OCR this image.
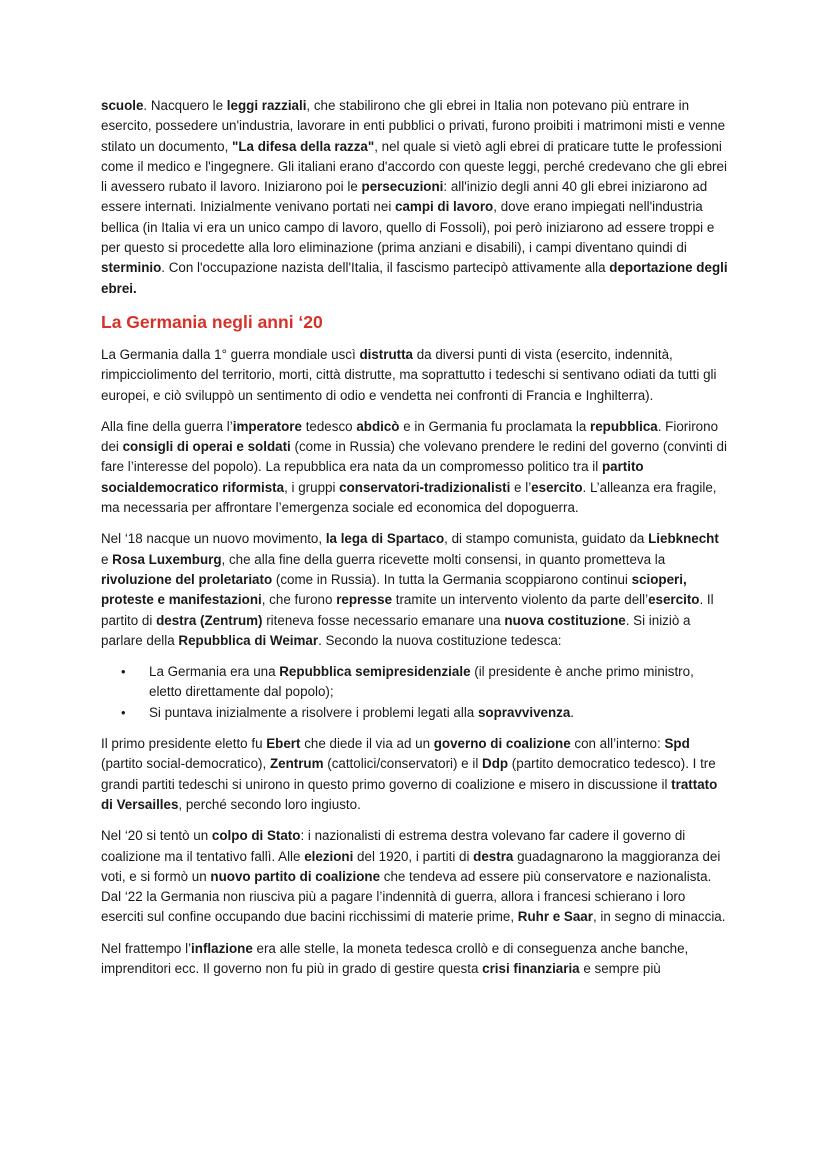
scuole. Nacquero le leggi razziali, che stabilirono che gli ebrei in Italia non potevano più entrare in esercito, possedere un'industria, lavorare in enti pubblici o privati, furono proibiti i matrimoni misti e venne stilato un documento, "La difesa della razza", nel quale si vietò agli ebrei di praticare tutte le professioni come il medico e l'ingegnere. Gli italiani erano d'accordo con queste leggi, perché credevano che gli ebrei li avessero rubato il lavoro. Iniziarono poi le persecuzioni: all'inizio degli anni 40 gli ebrei iniziarono ad essere internati. Inizialmente venivano portati nei campi di lavoro, dove erano impiegati nell'industria bellica (in Italia vi era un unico campo di lavoro, quello di Fossoli), poi però iniziarono ad essere troppi e per questo si procedette alla loro eliminazione (prima anziani e disabili), i campi diventano quindi di sterminio. Con l'occupazione nazista dell'Italia, il fascismo partecipò attivamente alla deportazione degli ebrei.

La Germania negli anni ‘20

La Germania dalla 1° guerra mondiale uscì distrutta da diversi punti di vista (esercito, indennità, rimpicciolimento del territorio, morti, città distrutte, ma soprattutto i tedeschi si sentivano odiati da tutti gli europei, e ciò sviluppò un sentimento di odio e vendetta nei confronti di Francia e Inghilterra).

Alla fine della guerra l’imperatore tedesco abdicò e in Germania fu proclamata la repubblica. Fiorirono dei consigli di operai e soldati (come in Russia) che volevano prendere le redini del governo (convinti di fare l’interesse del popolo). La repubblica era nata da un compromesso politico tra il partito socialdemocratico riformista, i gruppi conservatori-tradizionalisti e l’esercito. L’alleanza era fragile, ma necessaria per affrontare l’emergenza sociale ed economica del dopoguerra.

Nel ‘18 nacque un nuovo movimento, la lega di Spartaco, di stampo comunista, guidato da Liebknecht e Rosa Luxemburg, che alla fine della guerra ricevette molti consensi, in quanto prometteva la rivoluzione del proletariato (come in Russia). In tutta la Germania scoppiarono continui scioperi, proteste e manifestazioni, che furono represse tramite un intervento violento da parte dell’esercito. Il partito di destra (Zentrum) riteneva fosse necessario emanare una nuova costituzione. Si iniziò a parlare della Repubblica di Weimar. Secondo la nuova costituzione tedesca:

• La Germania era una Repubblica semipresidenziale (il presidente è anche primo ministro, eletto direttamente dal popolo);
• Si puntava inizialmente a risolvere i problemi legati alla sopravvivenza.

Il primo presidente eletto fu Ebert che diede il via ad un governo di coalizione con all’interno: Spd (partito social-democratico), Zentrum (cattolici/conservatori) e il Ddp (partito democratico tedesco). I tre grandi partiti tedeschi si unirono in questo primo governo di coalizione e misero in discussione il trattato di Versailles, perché secondo loro ingiusto.

Nel ‘20 si tentò un colpo di Stato: i nazionalisti di estrema destra volevano far cadere il governo di coalizione ma il tentativo fallì. Alle elezioni del 1920, i partiti di destra guadagnarono la maggioranza dei voti, e si formò un nuovo partito di coalizione che tendeva ad essere più conservatore e nazionalista. Dal ‘22 la Germania non riusciva più a pagare l’indennità di guerra, allora i francesi schierano i loro eserciti sul confine occupando due bacini ricchissimi di materie prime, Ruhr e Saar, in segno di minaccia.

Nel frattempo l’inflazione era alle stelle, la moneta tedesca crollò e di conseguenza anche banche, imprenditori ecc. Il governo non fu più in grado di gestire questa crisi finanziaria e sempre più
